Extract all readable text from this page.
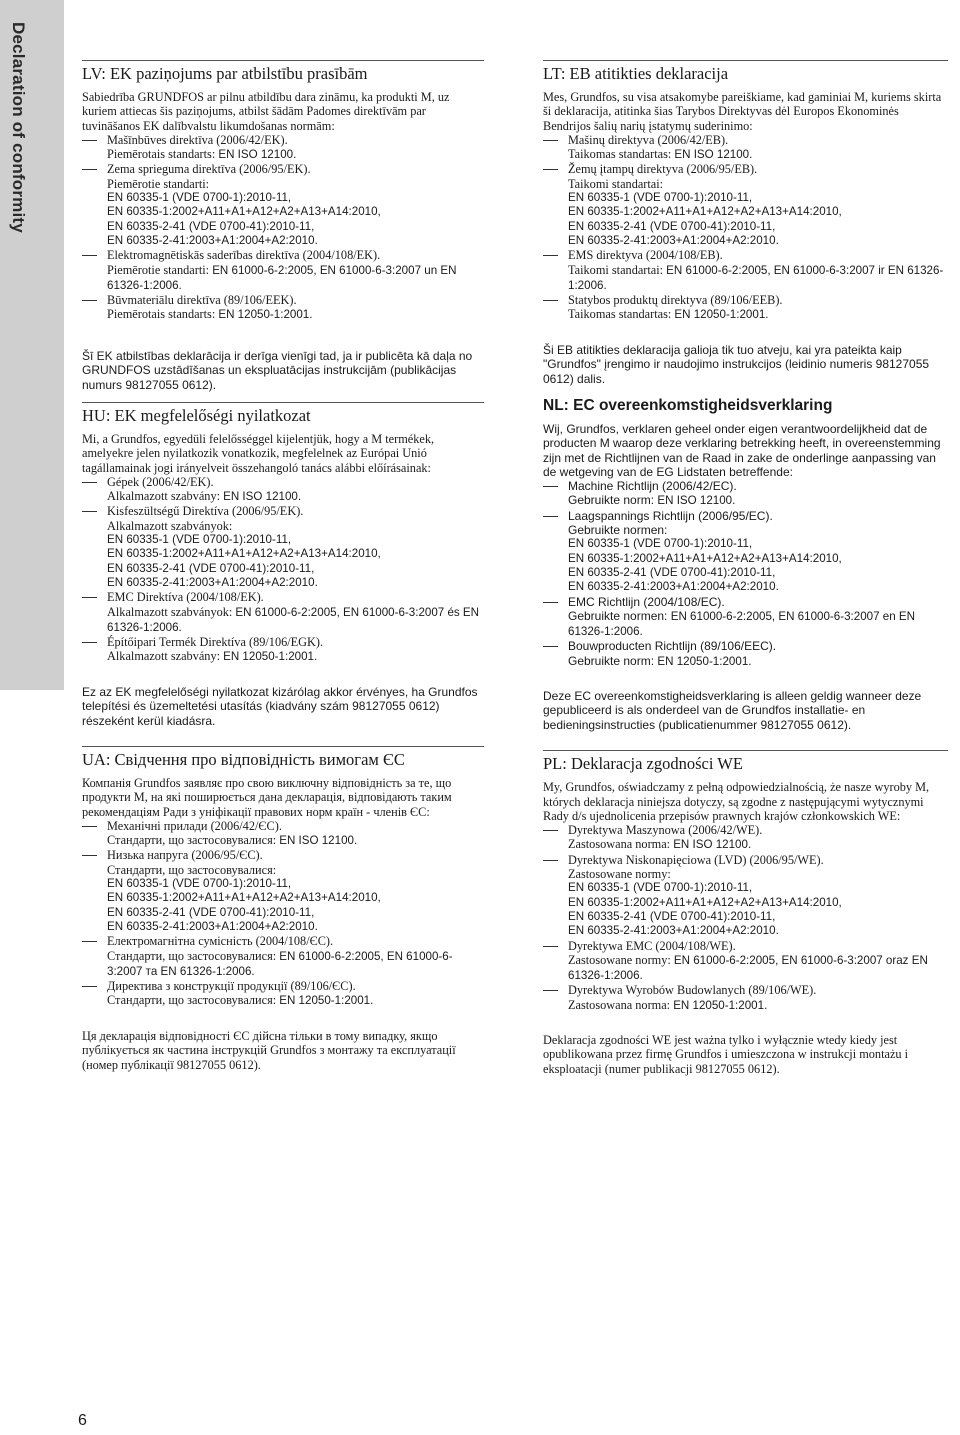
Declaration of conformity	LV: EK paziņojums par atbilstību prasībām

Sabiedrība GRUNDFOS ar pilnu atbildību dara zināmu, ka produkti M, uz kuriem attiecas šis paziņojums, atbilst šādām Padomes direktīvām par tuvināšanos EK dalībvalstu likumdošanas normām:

Mašīnbūves direktīva (2006/42/EK).
Piemērotais standarts: EN ISO 12100.
Zema sprieguma direktīva (2006/95/EK).
Piemērotie standarti:
EN 60335-1 (VDE 0700-1):2010-11,
EN 60335-1:2002+A11+A1+A12+A2+A13+A14:2010,
EN 60335-2-41 (VDE 0700-41):2010-11,
EN 60335-2-41:2003+A1:2004+A2:2010.
Elektromagnētiskās saderības direktīva (2004/108/EK).
Piemērotie standarti: EN 61000-6-2:2005, EN 61000-6-3:2007 un EN 61326-1:2006.
Būvmateriālu direktīva (89/106/EEK).
Piemērotais standarts: EN 12050-1:2001.

Šī EK atbilstības deklarācija ir derīga vienīgi tad, ja ir publicēta kā daļa no GRUNDFOS uzstādīšanas un ekspluatācijas instrukcijām (publikācijas numurs 98127055 0612).

HU: EK megfelelőségi nyilatkozat

Mi, a Grundfos, egyedüli felelősséggel kijelentjük, hogy a M termékek, amelyekre jelen nyilatkozik vonatkozik, megfelelnek az Európai Unió tagállamainak jogi irányelveit összehangoló tanács alábbi előírásainak:

Gépek (2006/42/EK).
Alkalmazott szabvány: EN ISO 12100.
Kisfeszültségű Direktíva (2006/95/EK).
Alkalmazott szabványok:
EN 60335-1 (VDE 0700-1):2010-11,
EN 60335-1:2002+A11+A1+A12+A2+A13+A14:2010,
EN 60335-2-41 (VDE 0700-41):2010-11,
EN 60335-2-41:2003+A1:2004+A2:2010.
EMC Direktíva (2004/108/EK).
Alkalmazott szabványok: EN 61000-6-2:2005, EN 61000-6-3:2007 és EN 61326-1:2006.
Építőipari Termék Direktíva (89/106/EGK).
Alkalmazott szabvány: EN 12050-1:2001.

Ez az EK megfelelőségi nyilatkozat kizárólag akkor érvényes, ha Grundfos telepítési és üzemeltetési utasítás (kiadvány szám 98127055 0612) részeként kerül kiadásra.

UA: Свідчення про відповідність вимогам ЄС

Компанія Grundfos заявляє про свою виключну відповідність за те, що продукти M, на які поширюється дана декларація, відповідають таким рекомендаціям Ради з уніфікації правових норм країн - членів ЄС:

Механічні прилади (2006/42/ЄС).
Стандарти, що застосовувалися: EN ISO 12100.
Низька напруга (2006/95/ЄС).
Стандарти, що застосовувалися:
EN 60335-1 (VDE 0700-1):2010-11,
EN 60335-1:2002+A11+A1+A12+A2+A13+A14:2010,
EN 60335-2-41 (VDE 0700-41):2010-11,
EN 60335-2-41:2003+A1:2004+A2:2010.
Електромагнітна сумісність (2004/108/ЄС).
Стандарти, що застосовувалися: EN 61000-6-2:2005, EN 61000-6-3:2007 та EN 61326-1:2006.
Директива з конструкції продукції (89/106/ЄС).
Стандарти, що застосовувалися: EN 12050-1:2001.

Ця декларація відповідності ЄС дійсна тільки в тому випадку, якщо публікується як частина інструкцій Grundfos з монтажу та експлуатації (номер публікації 98127055 0612).

LT: EB atitikties deklaracija

Mes, Grundfos, su visa atsakomybe pareiškiame, kad gaminiai M, kuriems skirta ši deklaracija, atitinka šias Tarybos Direktyvas dėl Europos Ekonominės Bendrijos šalių narių įstatymų suderinimo:

Mašinų direktyva (2006/42/EB).
Taikomas standartas: EN ISO 12100.
Žemų įtampų direktyva (2006/95/EB).
Taikomi standartai:
EN 60335-1 (VDE 0700-1):2010-11,
EN 60335-1:2002+A11+A1+A12+A2+A13+A14:2010,
EN 60335-2-41 (VDE 0700-41):2010-11,
EN 60335-2-41:2003+A1:2004+A2:2010.
EMS direktyva (2004/108/EB).
Taikomi standartai: EN 61000-6-2:2005, EN 61000-6-3:2007 ir EN 61326-1:2006.
Statybos produktų direktyva (89/106/EEB).
Taikomas standartas: EN 12050-1:2001.

Ši EB atitikties deklaracija galioja tik tuo atveju, kai yra pateikta kaip "Grundfos" įrengimo ir naudojimo instrukcijos (leidinio numeris 98127055 0612) dalis.

NL: EC overeenkomstigheidsverklaring

Wij, Grundfos, verklaren geheel onder eigen verantwoordelijkheid dat de producten M waarop deze verklaring betrekking heeft, in overeenstemming zijn met de Richtlijnen van de Raad in zake de onderlinge aanpassing van de wetgeving van de EG Lidstaten betreffende:

Machine Richtlijn (2006/42/EC).
Gebruikte norm: EN ISO 12100.
Laagspannings Richtlijn (2006/95/EC).
Gebruikte normen:
EN 60335-1 (VDE 0700-1):2010-11,
EN 60335-1:2002+A11+A1+A12+A2+A13+A14:2010,
EN 60335-2-41 (VDE 0700-41):2010-11,
EN 60335-2-41:2003+A1:2004+A2:2010.
EMC Richtlijn (2004/108/EC).
Gebruikte normen: EN 61000-6-2:2005, EN 61000-6-3:2007 en EN 61326-1:2006.
Bouwproducten Richtlijn (89/106/EEC).
Gebruikte norm: EN 12050-1:2001.

Deze EC overeenkomstigheidsverklaring is alleen geldig wanneer deze gepubliceerd is als onderdeel van de Grundfos installatie- en bedieningsinstructies (publicatienummer 98127055 0612).

PL: Deklaracja zgodności WE

My, Grundfos, oświadczamy z pełną odpowiedzialnością, że nasze wyroby M, których deklaracja niniejsza dotyczy, są zgodne z następującymi wytycznymi Rady d/s ujednolicenia przepisów prawnych krajów członkowskich WE:

Dyrektywa Maszynowa (2006/42/WE).
Zastosowana norma: EN ISO 12100.
Dyrektywa Niskonapięciowa (LVD) (2006/95/WE).
Zastosowane normy:
EN 60335-1 (VDE 0700-1):2010-11,
EN 60335-1:2002+A11+A1+A12+A2+A13+A14:2010,
EN 60335-2-41 (VDE 0700-41):2010-11,
EN 60335-2-41:2003+A1:2004+A2:2010.
Dyrektywa EMC (2004/108/WE).
Zastosowane normy: EN 61000-6-2:2005, EN 61000-6-3:2007 oraz EN 61326-1:2006.
Dyrektywa Wyrobów Budowlanych (89/106/WE).
Zastosowana norma: EN 12050-1:2001.

Deklaracja zgodności WE jest ważna tylko i wyłącznie wtedy kiedy jest opublikowana przez firmę Grundfos i umieszczona w instrukcji montażu i eksploatacji (numer publikacji 98127055 0612).

6
